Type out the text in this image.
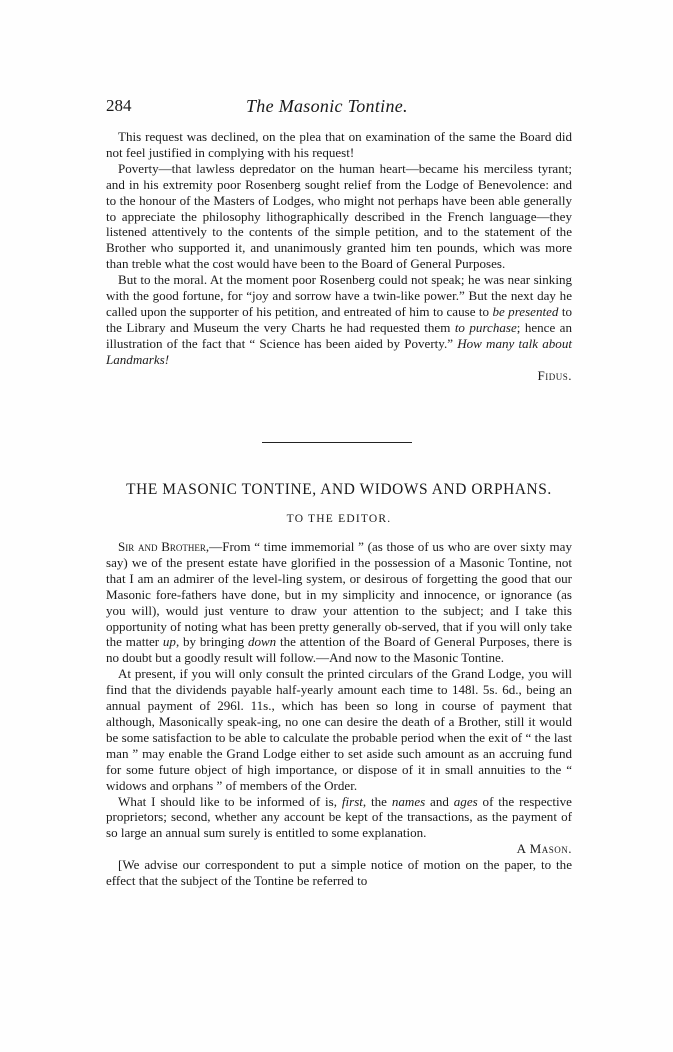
284	The Masonic Tontine.

This request was declined, on the plea that on examination of the same the Board did not feel justified in complying with his request!

Poverty—that lawless depredator on the human heart—became his merciless tyrant; and in his extremity poor Rosenberg sought relief from the Lodge of Benevolence: and to the honour of the Masters of Lodges, who might not perhaps have been able generally to appreciate the philosophy lithographically described in the French language—they listened attentively to the contents of the simple petition, and to the statement of the Brother who supported it, and unanimously granted him ten pounds, which was more than treble what the cost would have been to the Board of General Purposes.

But to the moral. At the moment poor Rosenberg could not speak; he was near sinking with the good fortune, for “joy and sorrow have a twin-like power.” But the next day he called upon the supporter of his petition, and entreated of him to cause to be presented to the Library and Museum the very Charts he had requested them to purchase; hence an illustration of the fact that “ Science has been aided by Poverty.” How many talk about Landmarks!

Fidus.

THE MASONIC TONTINE, AND WIDOWS AND ORPHANS.
TO THE EDITOR.

Sir and Brother,—From “ time immemorial ” (as those of us who are over sixty may say) we of the present estate have glorified in the possession of a Masonic Tontine, not that I am an admirer of the level-ling system, or desirous of forgetting the good that our Masonic fore-fathers have done, but in my simplicity and innocence, or ignorance (as you will), would just venture to draw your attention to the subject; and I take this opportunity of noting what has been pretty generally ob-served, that if you will only take the matter up, by bringing down the attention of the Board of General Purposes, there is no doubt but a goodly result will follow.—And now to the Masonic Tontine.

At present, if you will only consult the printed circulars of the Grand Lodge, you will find that the dividends payable half-yearly amount each time to 148l. 5s. 6d., being an annual payment of 296l. 11s., which has been so long in course of payment that although, Masonically speak-ing, no one can desire the death of a Brother, still it would be some satisfaction to be able to calculate the probable period when the exit of “ the last man ” may enable the Grand Lodge either to set aside such amount as an accruing fund for some future object of high importance, or dispose of it in small annuities to the “ widows and orphans ” of members of the Order.

What I should like to be informed of is, first, the names and ages of the respective proprietors; second, whether any account be kept of the transactions, as the payment of so large an annual sum surely is entitled to some explanation.

A Mason.

[We advise our correspondent to put a simple notice of motion on the paper, to the effect that the subject of the Tontine be referred to
